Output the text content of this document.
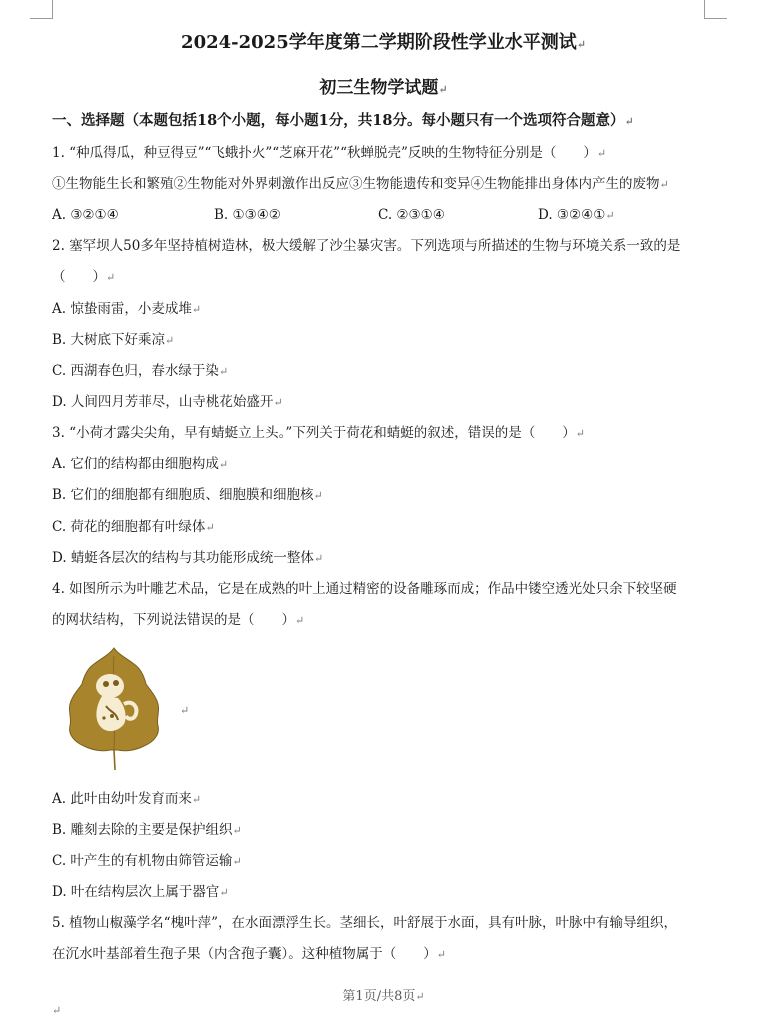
2024-2025学年度第二学期阶段性学业水平测试↵
初三生物学试题↵
一、选择题（本题包括18个小题，每小题1分，共18分。每小题只有一个选项符合题意）↵
1. “种瓜得瓜，种豆得豆”“飞蛾扑火”“芝麻开花”“秋蝉脱壳”反映的生物特征分别是（　　）↵
①生物能生长和繁殖②生物能对外界刺激作出反应③生物能遗传和变异④生物能排出身体内产生的废物↵
A. ③②①④	B. ①③④②	C. ②③①④	D. ③②④①↵
2. 塞罕坝人50多年坚持植树造林，极大缓解了沙尘暴灾害。下列选项与所描述的生物与环境关系一致的是
（　　）↵
A. 惊蛰雨雷，小麦成堆↵
B. 大树底下好乘凉↵
C. 西湖春色归，春水绿于染↵
D. 人间四月芳菲尽，山寺桃花始盛开↵
3. “小荷才露尖尖角，早有蜻蜓立上头。”下列关于荷花和蜻蜓的叙述，错误的是（　　）↵
A. 它们的结构都由细胞构成↵
B. 它们的细胞都有细胞质、细胞膜和细胞核↵
C. 荷花的细胞都有叶绿体↵
D. 蜻蜓各层次的结构与其功能形成统一整体↵
4. 如图所示为叶雕艺术品，它是在成熟的叶上通过精密的设备雕琢而成；作品中镂空透光处只余下较坚硬
的网状结构，下列说法错误的是（　　）↵
↵
A. 此叶由幼叶发育而来↵
B. 雕刻去除的主要是保护组织↵
C. 叶产生的有机物由筛管运输↵
D. 叶在结构层次上属于器官↵
5. 植物山椒藻学名“槐叶萍”，在水面漂浮生长。茎细长，叶舒展于水面，具有叶脉，叶脉中有输导组织，
在沉水叶基部着生孢子果（内含孢子囊）。这种植物属于（　　）↵
第1页/共8页↵
↵
